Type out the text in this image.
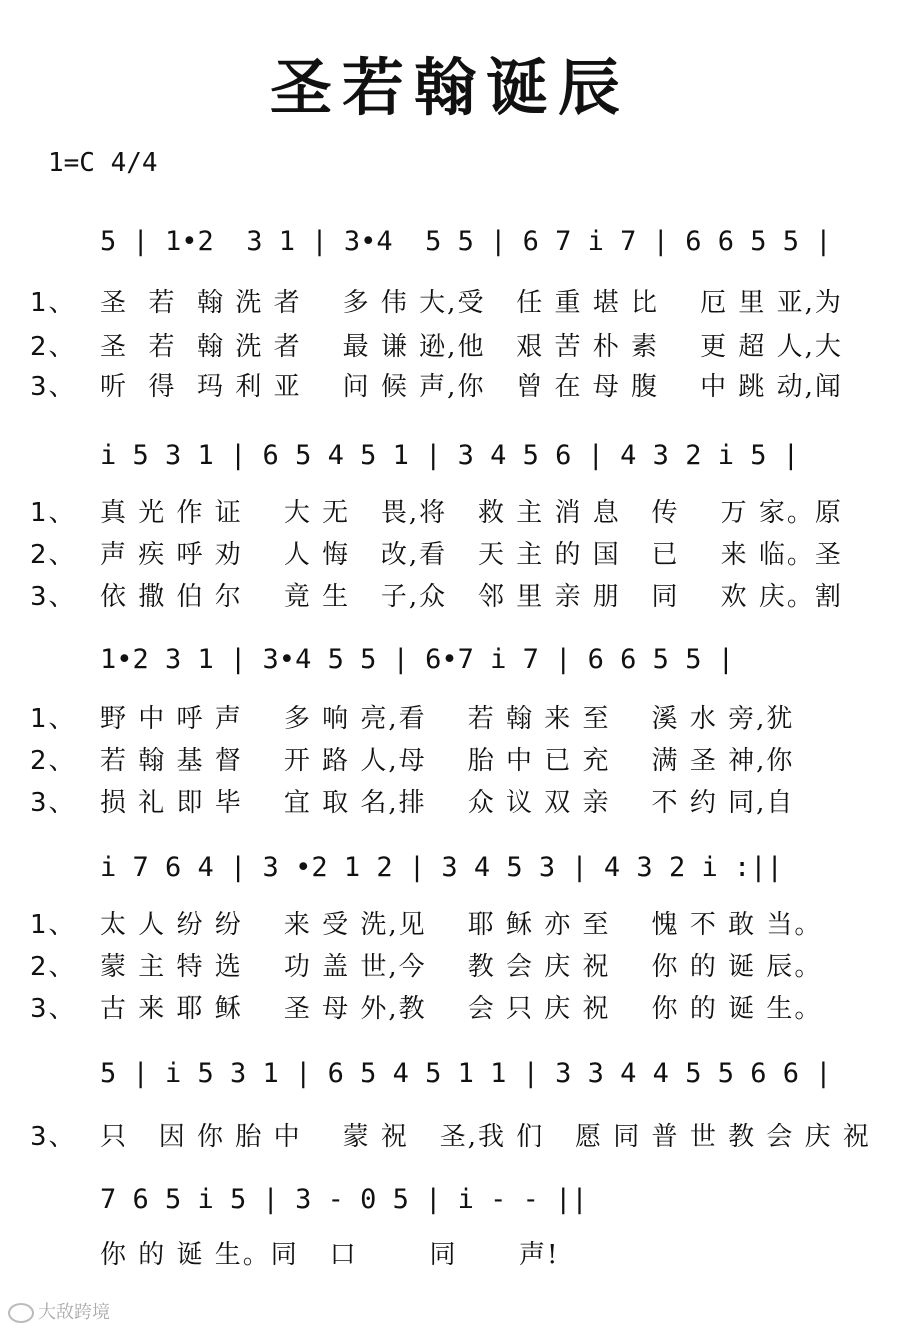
圣若翰诞辰
1=C 4/4
5 | 1•2  3 1 | 3•4  5 5 | 6 7 i 7 | 6 6 5 5 |
1、 圣  若  翰 洗 者    多 伟 大,受   任 重 堪 比    厄 里 亚,为
2、 圣  若  翰 洗 者    最 谦 逊,他   艰 苦 朴 素    更 超 人,大
3、 听  得  玛 利 亚    问 候 声,你   曾 在 母 腹    中 跳 动,闻
i 5 3 1 | 6 5 4 5 1 | 3 4 5 6 | 4 3 2 i 5 |
1、 真 光 作 证    大 无   畏,将   救 主 消 息   传    万 家。原
2、 声 疾 呼 劝    人 悔   改,看   天 主 的 国   已    来 临。圣
3、 依 撒 伯 尔    竟 生   子,众   邻 里 亲 朋   同    欢 庆。割
1•2 3 1 | 3•4 5 5 | 6•7 i 7 | 6 6 5 5 |
1、 野 中 呼 声    多 响 亮,看    若 翰 来 至    溪 水 旁,犹
2、 若 翰 基 督    开 路 人,母    胎 中 已 充    满 圣 神,你
3、 损 礼 即 毕    宜 取 名,排    众 议 双 亲    不 约 同,自
i 7 6 4 | 3 •2 1 2 | 3 4 5 3 | 4 3 2 i :||
1、 太 人 纷 纷    来 受 洗,见    耶 稣 亦 至    愧 不 敢 当。
2、 蒙 主 特 选    功 盖 世,今    教 会 庆 祝    你 的 诞 辰。
3、 古 来 耶 稣    圣 母 外,教    会 只 庆 祝    你 的 诞 生。
5 | i 5 3 1 | 6 5 4 5 1 1 | 3 3 4 4 5 5 6 6 |
3、 只   因 你 胎 中    蒙 祝   圣,我 们   愿 同 普 世 教 会 庆 祝
7 6 5 i 5 | 3 - 0 5 | i - - ||
你 的 诞 生。同   口       同      声!
大敌跨境
